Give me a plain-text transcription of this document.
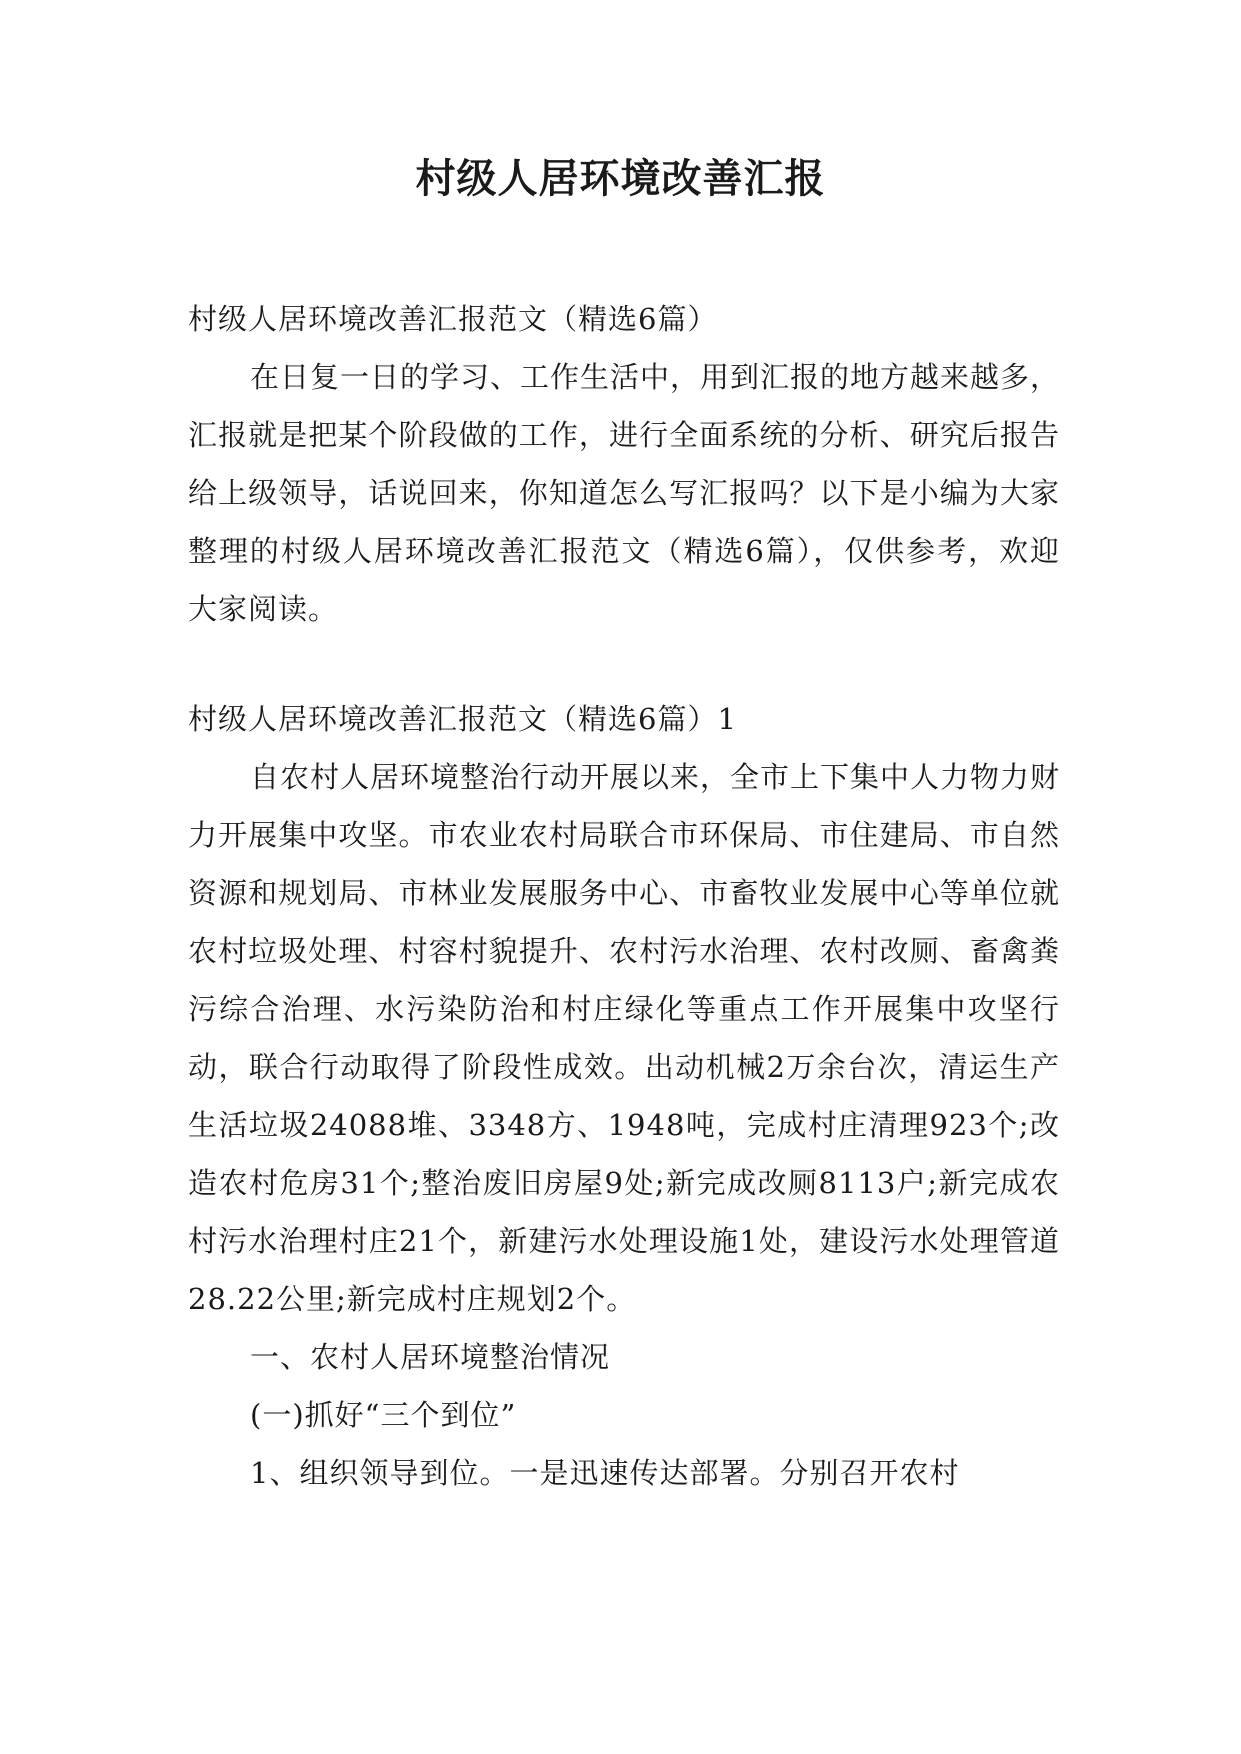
村级人居环境改善汇报

村级人居环境改善汇报范文（精选6篇）

在日复一日的学习、工作生活中，用到汇报的地方越来越多，汇报就是把某个阶段做的工作，进行全面系统的分析、研究后报告给上级领导，话说回来，你知道怎么写汇报吗？以下是小编为大家整理的村级人居环境改善汇报范文（精选6篇），仅供参考，欢迎大家阅读。

村级人居环境改善汇报范文（精选6篇）1

自农村人居环境整治行动开展以来，全市上下集中人力物力财力开展集中攻坚。市农业农村局联合市环保局、市住建局、市自然资源和规划局、市林业发展服务中心、市畜牧业发展中心等单位就农村垃圾处理、村容村貌提升、农村污水治理、农村改厕、畜禽粪污综合治理、水污染防治和村庄绿化等重点工作开展集中攻坚行动，联合行动取得了阶段性成效。出动机械2万余台次，清运生产生活垃圾24088堆、3348方、1948吨，完成村庄清理923个;改造农村危房31个;整治废旧房屋9处;新完成改厕8113户;新完成农村污水治理村庄21个，新建污水处理设施1处，建设污水处理管道28.22公里;新完成村庄规划2个。

一、农村人居环境整治情况

(一)抓好“三个到位”

1、组织领导到位。一是迅速传达部署。分别召开农村
